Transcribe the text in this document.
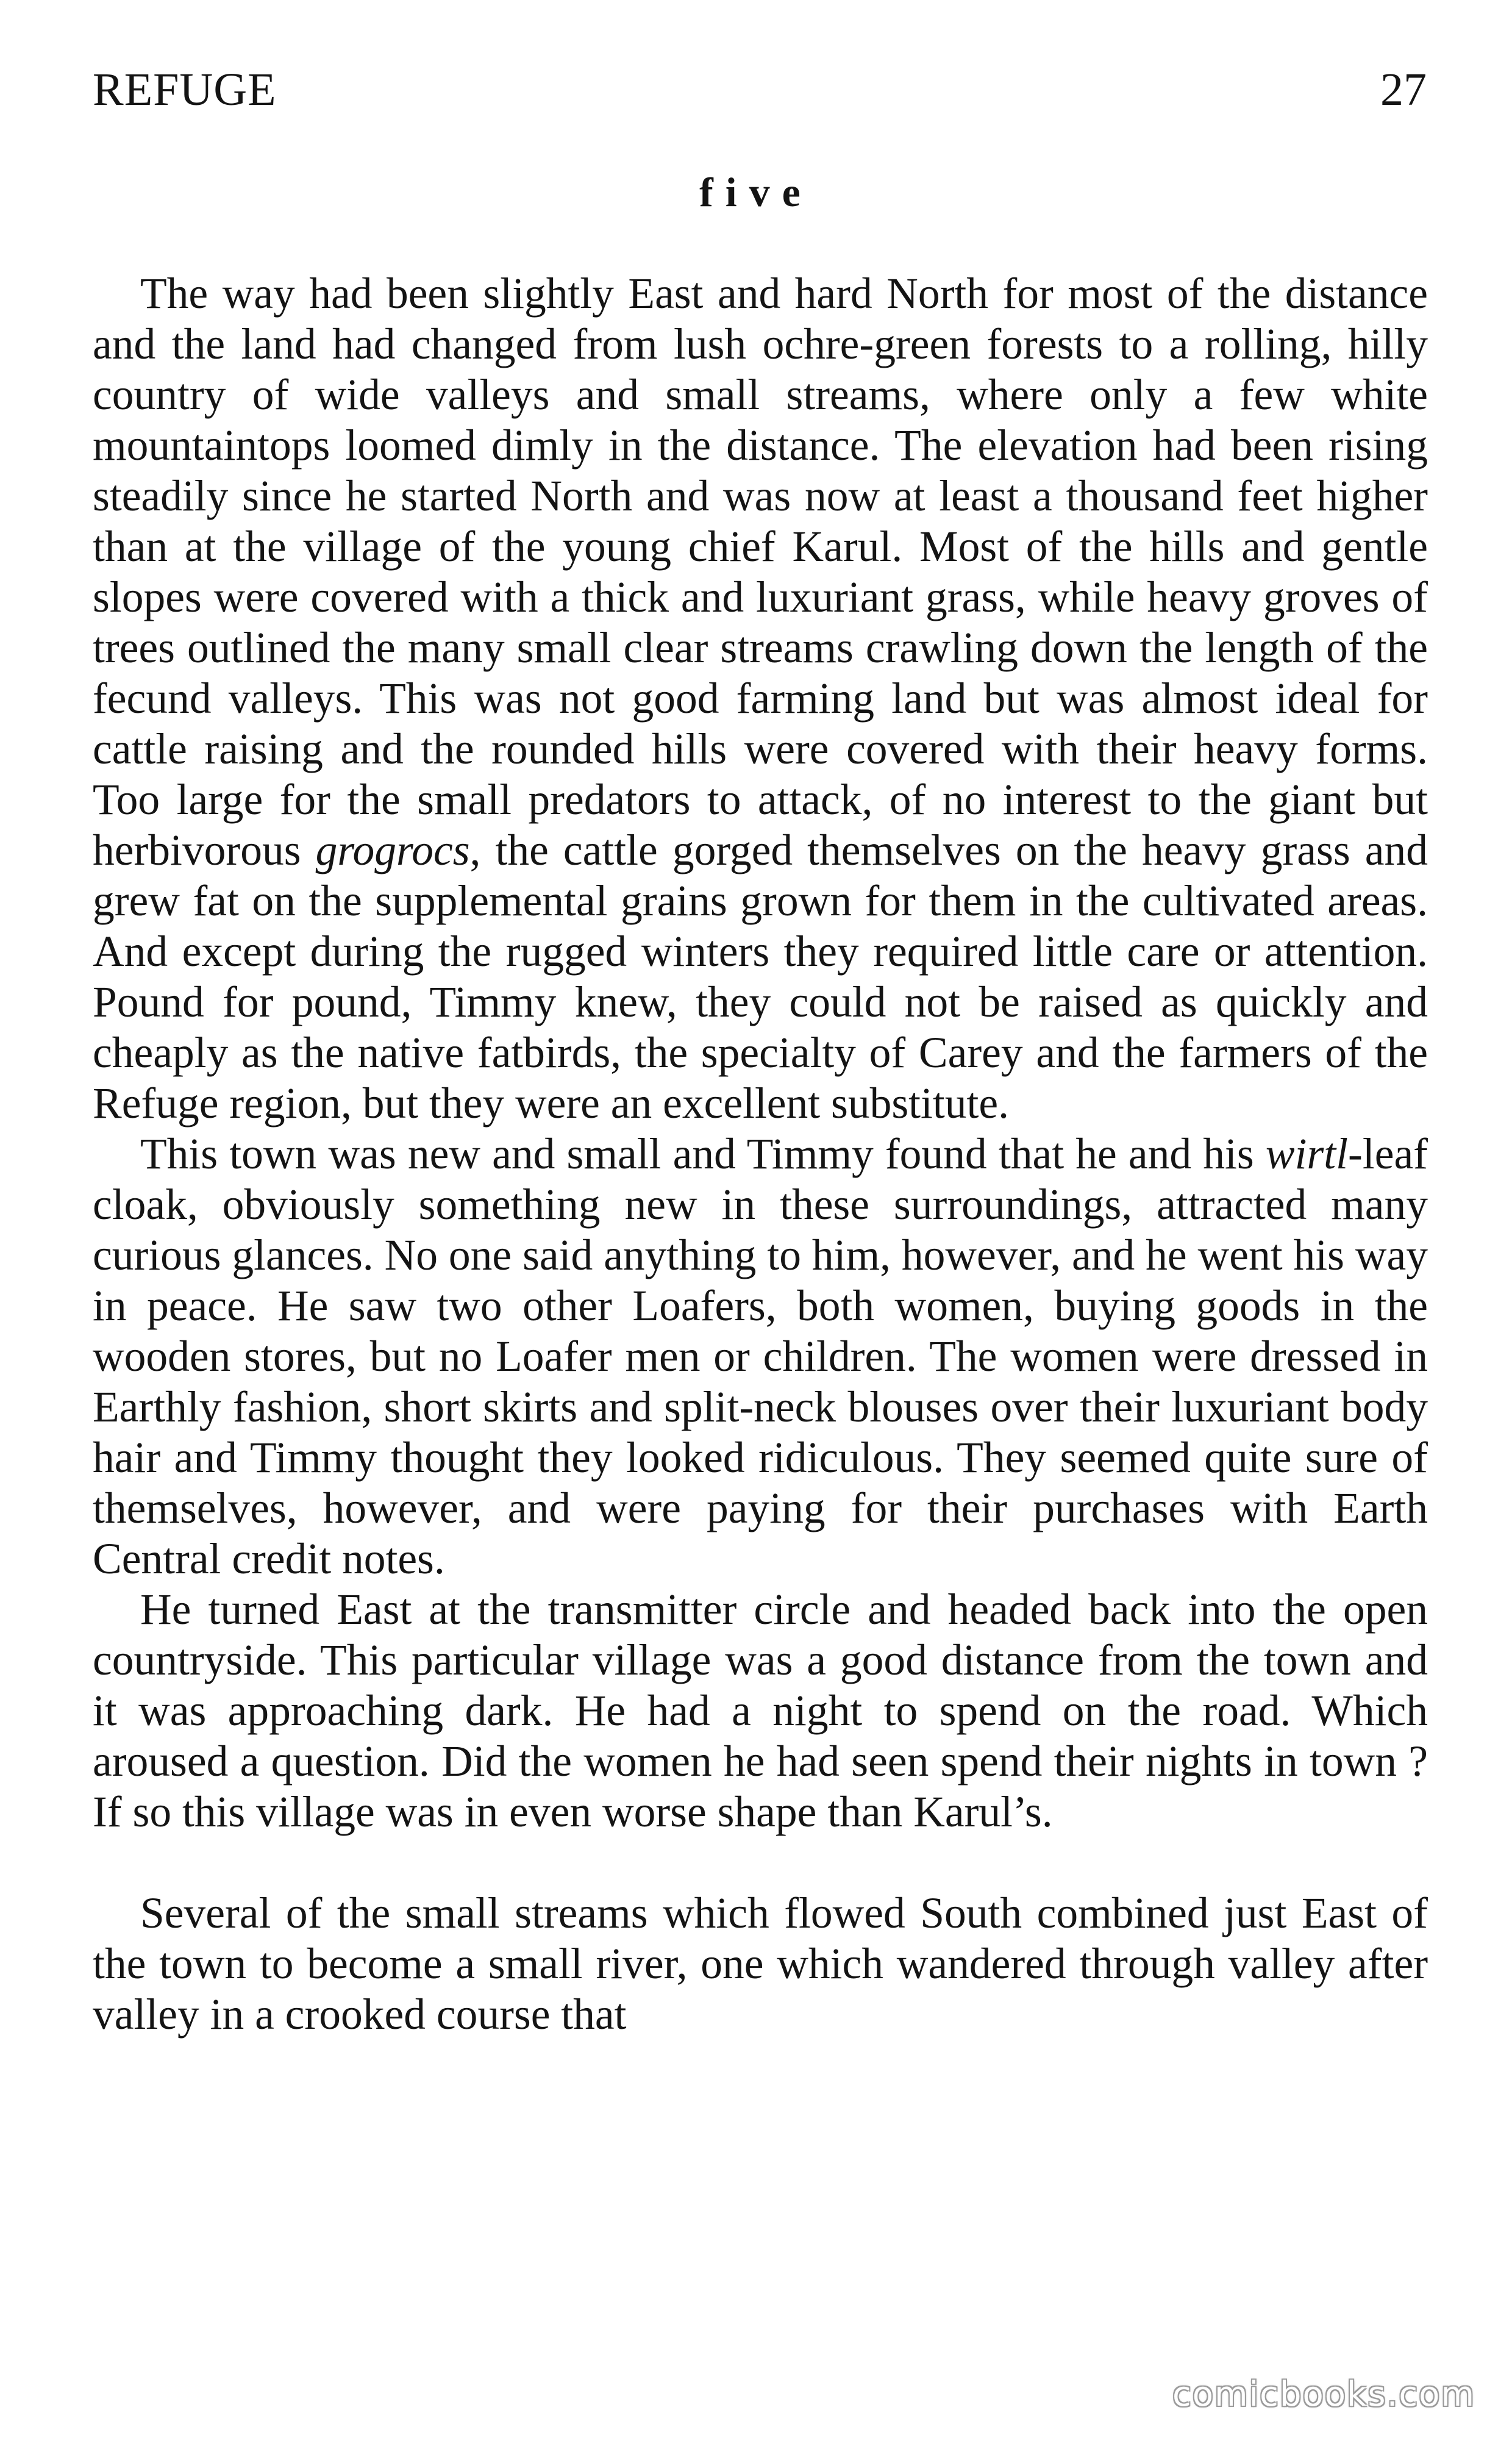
REFUGE	27
five

The way had been slightly East and hard North for most of the distance and the land had changed from lush ochre-green forests to a rolling, hilly country of wide valleys and small streams, where only a few white mountaintops loomed dimly in the distance. The elevation had been rising steadily since he started North and was now at least a thousand feet higher than at the village of the young chief Karul. Most of the hills and gentle slopes were covered with a thick and luxuriant grass, while heavy groves of trees outlined the many small clear streams crawling down the length of the fecund valleys. This was not good farming land but was almost ideal for cattle raising and the rounded hills were covered with their heavy forms. Too large for the small predators to attack, of no interest to the giant but herbivorous grogrocs, the cattle gorged themselves on the heavy grass and grew fat on the supplemental grains grown for them in the cultivated areas. And except during the rugged winters they required little care or attention. Pound for pound, Timmy knew, they could not be raised as quickly and cheaply as the native fatbirds, the specialty of Carey and the farmers of the Refuge region, but they were an excellent substitute.

This town was new and small and Timmy found that he and his wirtl-leaf cloak, obviously something new in these surroundings, attracted many curious glances. No one said anything to him, however, and he went his way in peace. He saw two other Loafers, both women, buying goods in the wooden stores, but no Loafer men or children. The women were dressed in Earthly fashion, short skirts and split-neck blouses over their luxuriant body hair and Timmy thought they looked ridiculous. They seemed quite sure of themselves, however, and were paying for their purchases with Earth Central credit notes.

He turned East at the transmitter circle and headed back into the open countryside. This particular village was a good distance from the town and it was approaching dark. He had a night to spend on the road. Which aroused a question. Did the women he had seen spend their nights in town ? If so this village was in even worse shape than Karul’s.

Several of the small streams which flowed South combined just East of the town to become a small river, one which wandered through valley after valley in a crooked course that

comicbooks.com
